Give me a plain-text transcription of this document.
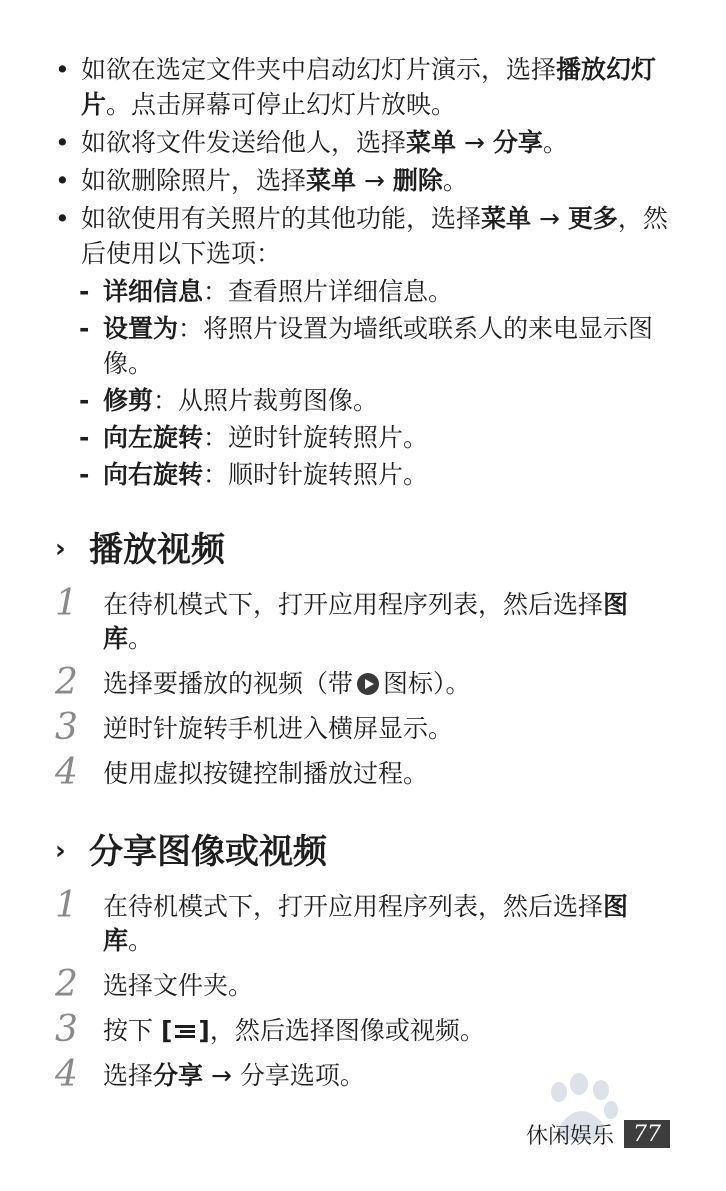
• 如欲在选定文件夹中启动幻灯片演示，选择播放幻灯片。点击屏幕可停止幻灯片放映。
• 如欲将文件发送给他人，选择菜单 → 分享。
• 如欲删除照片，选择菜单 → 删除。
• 如欲使用有关照片的其他功能，选择菜单 → 更多，然后使用以下选项：
- 详细信息：查看照片详细信息。
- 设置为：将照片设置为墙纸或联系人的来电显示图像。
- 修剪：从照片裁剪图像。
- 向左旋转：逆时针旋转照片。
- 向右旋转：顺时针旋转照片。
› 播放视频
1 在待机模式下，打开应用程序列表，然后选择图库。
2 选择要播放的视频（带 图标）。
3 逆时针旋转手机进入横屏显示。
4 使用虚拟按键控制播放过程。
› 分享图像或视频
1 在待机模式下，打开应用程序列表，然后选择图库。
2 选择文件夹。
3 按下 [ ]，然后选择图像或视频。
4 选择分享 → 分享选项。
休闲娱乐 77
